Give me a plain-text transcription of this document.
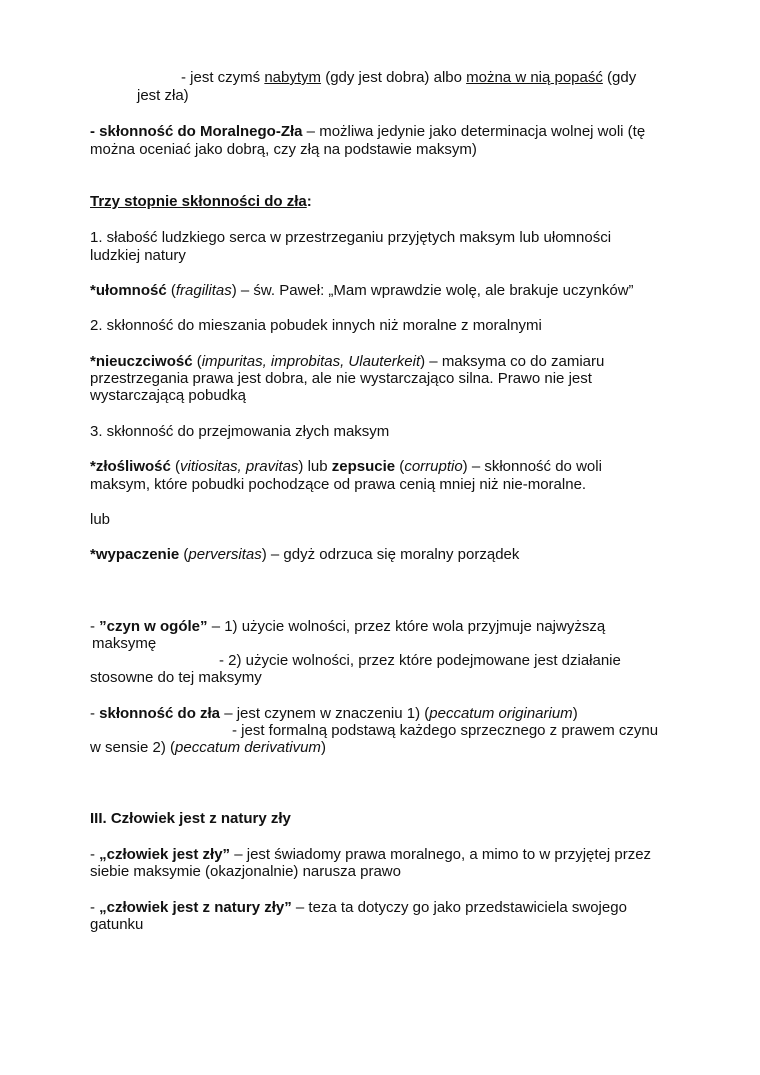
- jest czymś nabytym (gdy jest dobra) albo można w nią popaść (gdy
jest zła)
- skłonność do Moralnego-Zła – możliwa jedynie jako determinacja wolnej woli (tę
można oceniać jako dobrą, czy złą na podstawie maksym)
Trzy stopnie skłonności do zła:
1. słabość ludzkiego serca w przestrzeganiu przyjętych maksym lub ułomności
ludzkiej natury
*ułomność (fragilitas) – św. Paweł: „Mam wprawdzie wolę, ale brakuje uczynków”
2. skłonność do mieszania pobudek innych niż moralne z moralnymi
*nieuczciwość (impuritas, improbitas, Ulauterkeit) – maksyma co do zamiaru
przestrzegania prawa jest dobra, ale nie wystarczająco silna. Prawo nie jest
wystarczającą pobudką
3. skłonność do przejmowania złych maksym
*złośliwość (vitiositas, pravitas) lub zepsucie (corruptio) – skłonność do woli
maksym, które pobudki pochodzące od prawa cenią mniej niż nie-moralne.
lub
*wypaczenie (perversitas) – gdyż odrzuca się moralny porządek
- ”czyn w ogóle” – 1) użycie wolności, przez które wola przyjmuje najwyższą
maksymę
- 2) użycie wolności, przez które podejmowane jest działanie
stosowne do tej maksymy
- skłonność do zła – jest czynem w znaczeniu 1) (peccatum originarium)
- jest formalną podstawą każdego sprzecznego z prawem czynu
w sensie 2) (peccatum derivativum)
III. Człowiek jest z natury zły
- „człowiek jest zły” – jest świadomy prawa moralnego, a mimo to w przyjętej przez
siebie maksymie (okazjonalnie) narusza prawo
- „człowiek jest z natury zły” – teza ta dotyczy go jako przedstawiciela swojego
gatunku
